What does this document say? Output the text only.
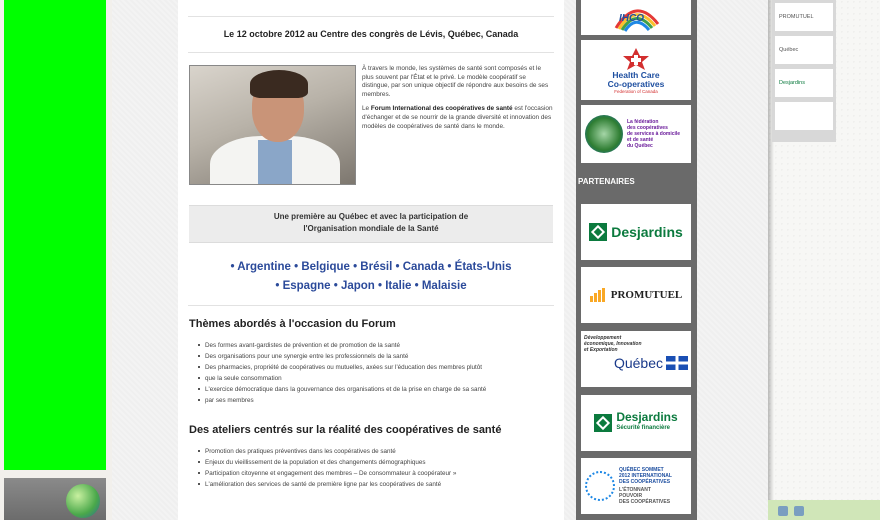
Le 12 octobre 2012 au Centre des congrès de Lévis, Québec, Canada

À travers le monde, les systèmes de santé sont composés et le plus souvent par l'État et le privé. Le modèle coopératif se distingue, par son unique objectif de répondre aux besoins de ses membres.

Le Forum International des coopératives de santé est l'occasion d'échanger et de se nourrir de la grande diversité et innovation des modèles de coopératives de santé dans le monde.

Une première au Québec et avec la participation de
l'Organisation mondiale de la Santé
• Argentine • Belgique • Brésil • Canada • États-Unis
• Espagne • Japon • Italie • Malaisie
Thèmes abordés à l'occasion du Forum
Des formes avant-gardistes de prévention et de promotion de la santé
Des organisations pour une synergie entre les professionnels de la santé
Des pharmacies, propriété de coopératives ou mutuelles, axées sur l'éducation des membres plutôt
que la seule consommation
L'exercice démocratique dans la gouvernance des organisations et de la prise en charge de sa santé
par ses membres
Des ateliers centrés sur la réalité des coopératives de santé
Promotion des pratiques préventives dans les coopératives de santé
Enjeux du vieillissement de la population et des changements démographiques
Participation citoyenne et engagement des membres – De consommateur à coopérateur »
L'amélioration des services de santé de première ligne par les coopératives de santé
IHCO
Health Care
Co-operatives
Federation of Canada
La fédération
des coopératives
de services à domicile
et de santé
du Québec
PARTENAIRES
Desjardins
PROMUTUEL
Développement
économique, Innovation
et Exportation
Québec
Desjardins
Sécurité financière
QUÉBEC SOMMET
2012 INTERNATIONAL
DES COOPÉRATIVES
L'ÉTONNANT
POUVOIR
DES COOPÉRATIVES
PROMUTUEL
Québec
Desjardins
